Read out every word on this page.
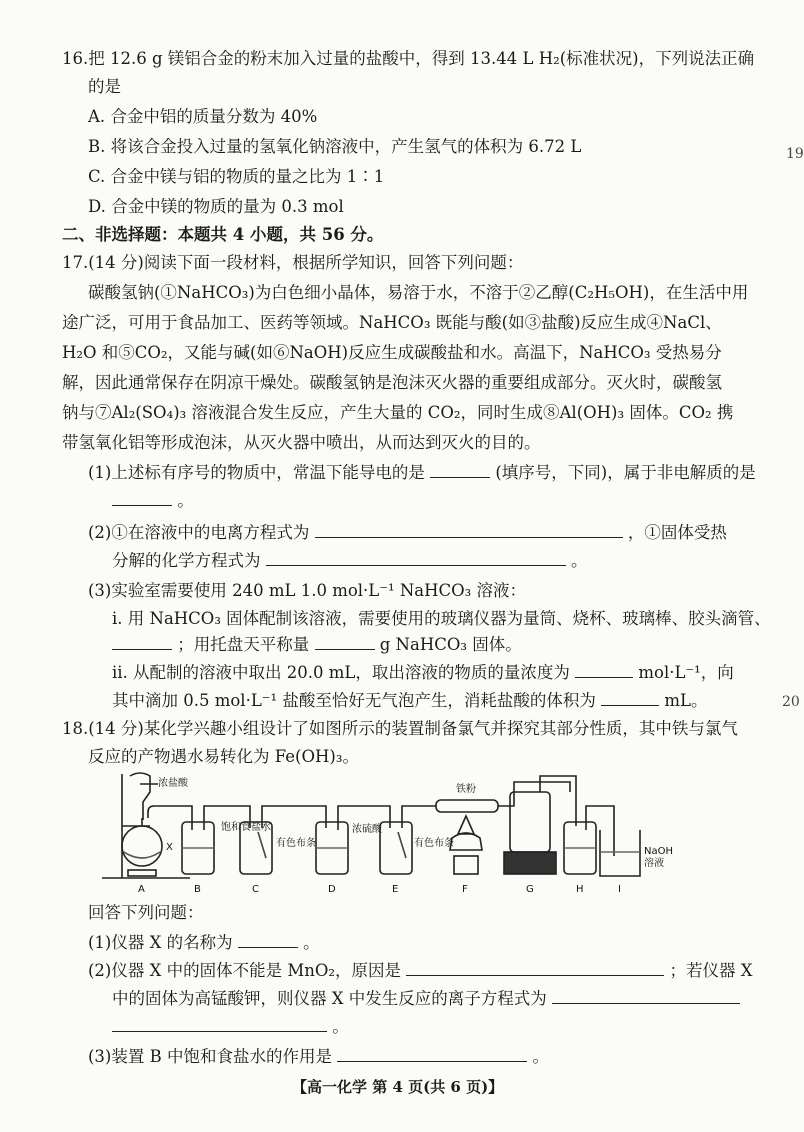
16.把 12.6 g 镁铝合金的粉末加入过量的盐酸中，得到 13.44 L H₂(标准状况)，下列说法正确
的是
A. 合金中铝的质量分数为 40%
B. 将该合金投入过量的氢氧化钠溶液中，产生氢气的体积为 6.72 L
C. 合金中镁与铝的物质的量之比为 1∶1
D. 合金中镁的物质的量为 0.3 mol
19
二、非选择题：本题共 4 小题，共 56 分。
17.(14 分)阅读下面一段材料，根据所学知识，回答下列问题：
碳酸氢钠(①NaHCO₃)为白色细小晶体，易溶于水，不溶于②乙醇(C₂H₅OH)，在生活中用
途广泛，可用于食品加工、医药等领域。NaHCO₃ 既能与酸(如③盐酸)反应生成④NaCl、
H₂O 和⑤CO₂，又能与碱(如⑥NaOH)反应生成碳酸盐和水。高温下，NaHCO₃ 受热易分
解，因此通常保存在阴凉干燥处。碳酸氢钠是泡沫灭火器的重要组成部分。灭火时，碳酸氢
钠与⑦Al₂(SO₄)₃ 溶液混合发生反应，产生大量的 CO₂，同时生成⑧Al(OH)₃ 固体。CO₂ 携
带氢氧化铝等形成泡沫，从灭火器中喷出，从而达到灭火的目的。
(1)上述标有序号的物质中，常温下能导电的是	(填序号，下同)，属于非电解质的是
。
(2)①在溶液中的电离方程式为	，①固体受热
分解的化学方程式为	。
(3)实验室需要使用 240 mL 1.0 mol·L⁻¹ NaHCO₃ 溶液：
ⅰ. 用 NaHCO₃ 固体配制该溶液，需要使用的玻璃仪器为量筒、烧杯、玻璃棒、胶头滴管、
；用托盘天平称量	g NaHCO₃ 固体。
ⅱ. 从配制的溶液中取出 20.0 mL，取出溶液的物质的量浓度为	mol·L⁻¹，向
其中滴加 0.5 mol·L⁻¹ 盐酸至恰好无气泡产生，消耗盐酸的体积为	mL。	20
18.(14 分)某化学兴趣小组设计了如图所示的装置制备氯气并探究其部分性质，其中铁与氯气
反应的产物遇水易转化为 Fe(OH)₃。
浓盐酸
X
饱和食盐水
有色布条
浓硫酸
有色布条
铁粉
NaOH
溶液
A	B	C	D	E	F	G	H	I
回答下列问题：
(1)仪器 X 的名称为	。
(2)仪器 X 中的固体不能是 MnO₂，原因是	；若仪器 X
中的固体为高锰酸钾，则仪器 X 中发生反应的离子方程式为
。
(3)装置 B 中饱和食盐水的作用是	。
【高一化学 第 4 页(共 6 页)】
